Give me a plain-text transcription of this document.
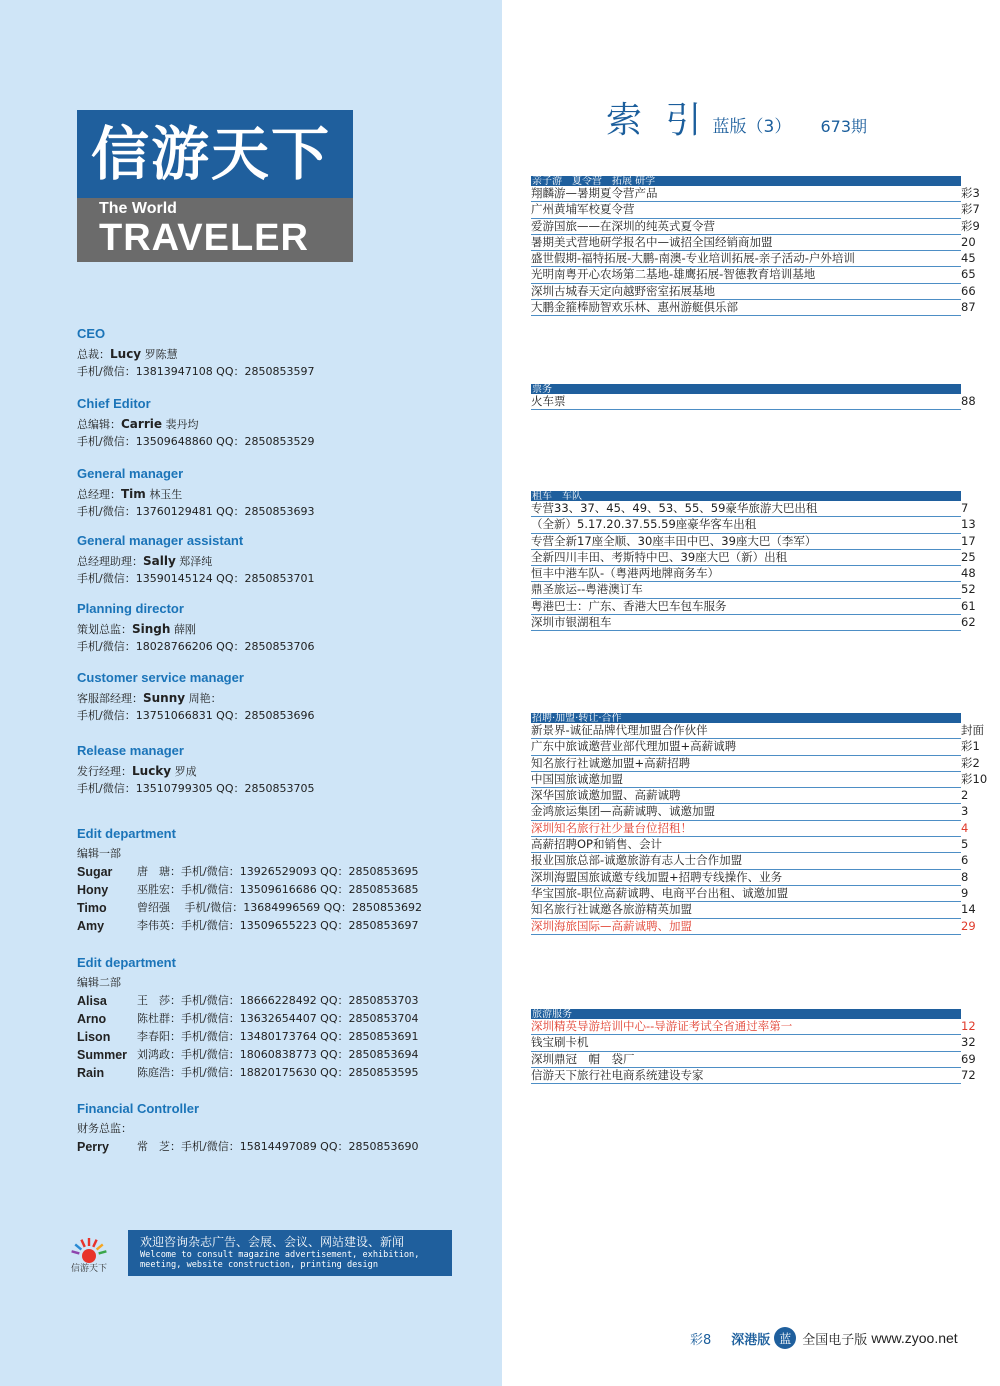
信游天下
The World
TRAVELER
CEO
总裁：Lucy 罗陈慧
手机/微信：13813947108 QQ：2850853597
Chief Editor
总编辑：Carrie 裴丹均
手机/微信：13509648860 QQ：2850853529
General manager
总经理：Tim 林玉生
手机/微信：13760129481 QQ：2850853693
General manager assistant
总经理助理：Sally 郑泽纯
手机/微信：13590145124 QQ：2850853701
Planning director
策划总监：Singh 薛刚
手机/微信：18028766206 QQ：2850853706
Customer service manager
客服部经理：Sunny 周艳：
手机/微信：13751066831 QQ：2850853696
Release manager
发行经理：Lucky 罗成
手机/微信：13510799305 QQ：2850853705
Edit department
编辑一部
Sugar	唐　瑭：手机/微信：13926529093 QQ：2850853695
Hony	巫胜宏：手机/微信：13509616686 QQ：2850853685
Timo	曾绍强　 手机/微信：13684996569 QQ：2850853692
Amy	李伟英：手机/微信：13509655223 QQ：2850853697
Edit department
编辑二部
Alisa	王　莎：手机/微信：18666228492 QQ：2850853703
Arno	陈杜群：手机/微信：13632654407 QQ：2850853704
Lison	李春阳：手机/微信：13480173764 QQ：2850853691
Summer 刘鸿政：手机/微信：18060838773 QQ：2850853694
Rain	陈庭浩：手机/微信：18820175630 QQ：2850853595
Financial Controller
财务总监：
Perry	常　芝：手机/微信：15814497089 QQ：2850853690
信游天下
欢迎咨询杂志广告、会展、会议、网站建设、新闻
Welcome to consult magazine advertisement, exhibition,
meeting, website construction, printing design
索 引 蓝版（3） 673期
亲子游　夏令营　拓展 研学
翔麟游—暑期夏令营产品	彩3
广州黄埔军校夏令营	彩7
爱游国旅——在深圳的纯英式夏令营	彩9
暑期美式营地研学报名中—诚招全国经销商加盟	20
盛世假期-福特拓展-大鹏-南澳-专业培训拓展-亲子活动-户外培训	45
光明南粤开心农场第二基地-雄鹰拓展-智德教育培训基地	65
深圳古城春天定向越野密室拓展基地	66
大鹏金箍棒励智欢乐林、惠州游艇俱乐部	87
票务
火车票	88
租车　车队
专营33、37、45、49、53、55、59豪华旅游大巴出租	7
（全新）5.17.20.37.55.59座豪华客车出租	13
专营全新17座全顺、30座丰田中巴、39座大巴（李军）	17
全新四川丰田、考斯特中巴、39座大巴（新）出租	25
恒丰中港车队-（粤港两地牌商务车）	48
鼎圣旅运--粤港澳订车	52
粤港巴士：广东、香港大巴车包车服务	61
深圳市银湖租车	62
招聘·加盟·转让·合作
新景界-诚征品牌代理加盟合作伙伴	封面
广东中旅诚邀营业部代理加盟+高薪诚聘	彩1
知名旅行社诚邀加盟+高薪招聘	彩2
中国国旅诚邀加盟	彩10
深华国旅诚邀加盟、高薪诚聘	2
金鸿旅运集团—高薪诚聘、诚邀加盟	3
深圳知名旅行社少量台位招租！	4
高薪招聘OP和销售、会计	5
报业国旅总部-诚邀旅游有志人士合作加盟	6
深圳海盟国旅诚邀专线加盟+招聘专线操作、业务	8
华宝国旅-职位高薪诚聘、电商平台出租、诚邀加盟	9
知名旅行社诚邀各旅游精英加盟	14
深圳海旅国际—高薪诚聘、加盟	29
旅游服务
深圳精英导游培训中心--导游证考试全省通过率第一	12
钱宝刷卡机	32
深圳鼎冠　帽　袋厂	69
信游天下旅行社电商系统建设专家	72
彩8 深港版 蓝 全国电子版 www.zyoo.net
